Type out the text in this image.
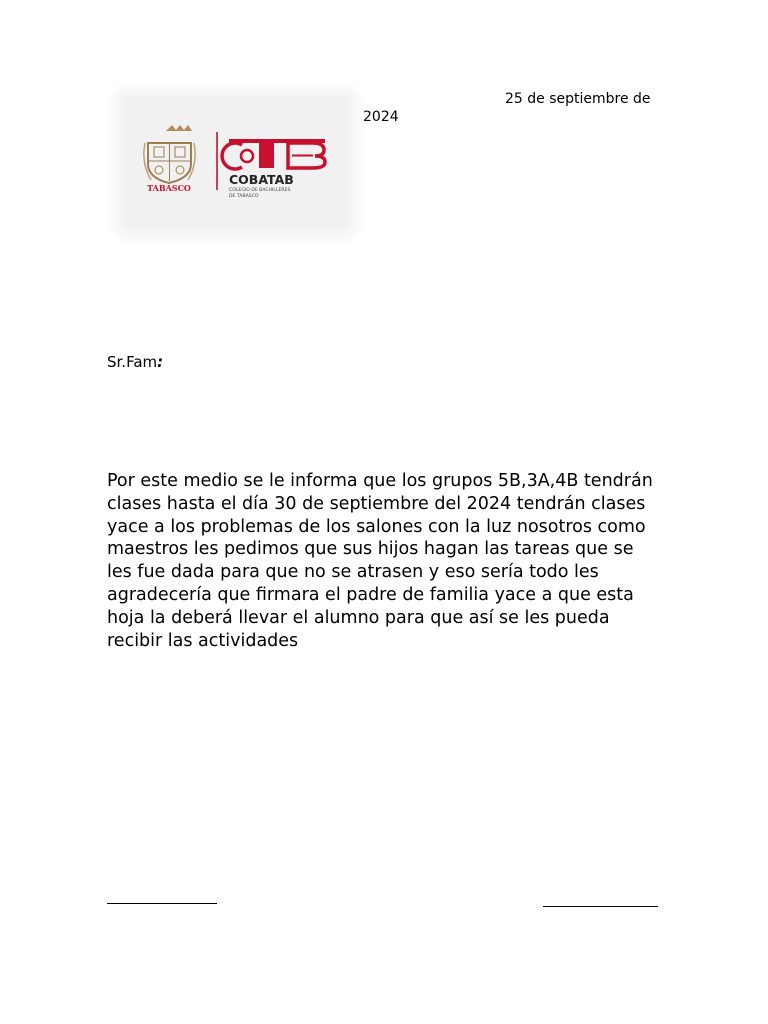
25 de septiembre de
2024
TABASCO
COBATAB
COLEGIO DE BACHILLERES
DE TABASCO
Sr.Fam:
Por este medio se le informa que los grupos 5B,3A,4B tendrán
clases hasta el día 30 de septiembre del 2024 tendrán clases
yace a los problemas de los salones con la luz nosotros como
maestros les pedimos que sus hijos hagan las tareas que se
les fue dada para que no se atrasen y eso sería todo les
agradecería que firmara el padre de familia yace a que esta
hoja la deberá llevar el alumno para que así se les pueda
recibir las actividades
